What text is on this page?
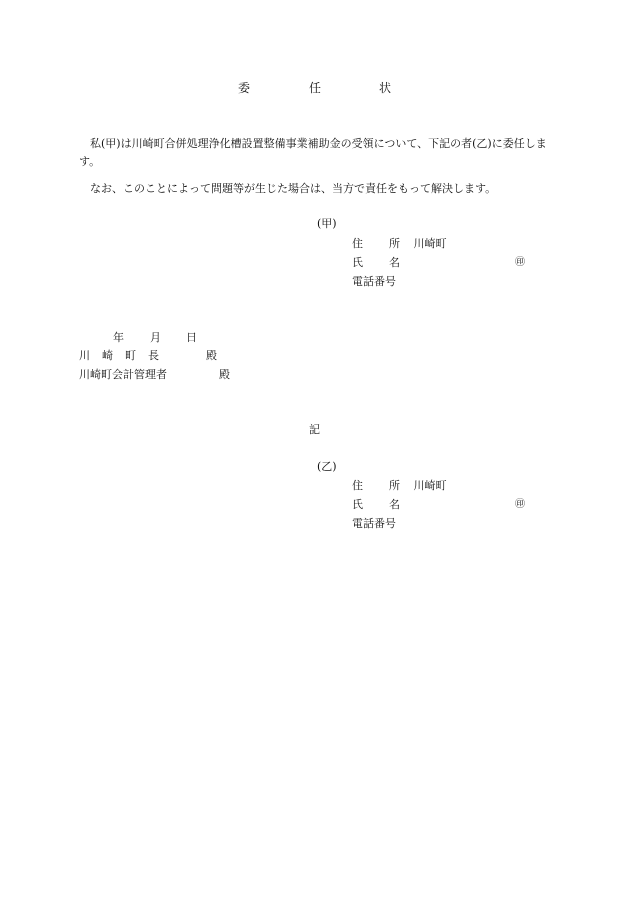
委	任	状
私(甲)は川崎町合併処理浄化槽設置整備事業補助金の受領について、下記の者(乙)に委任します。
なお、このことによって問題等が生じた場合は、当方で責任をもって解決します。
(甲)
住 所 川崎町
氏 名	㊞
電話番号
年 月 日
川 崎 町 長	殿
川崎町会計管理者	殿
記
(乙)
住 所 川崎町
氏 名	㊞
電話番号
